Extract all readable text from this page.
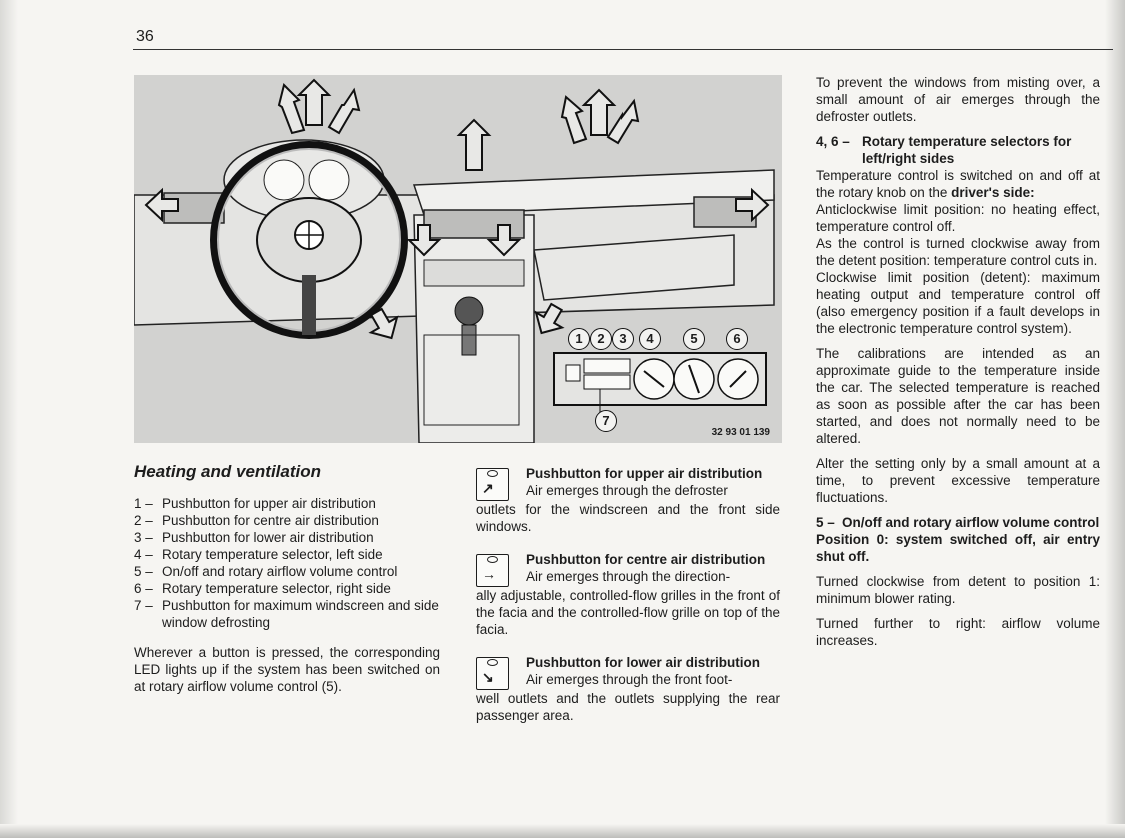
36
1	2	3	4	5	6
7
32 93 01 139
Heating and ventilation
1 – Pushbutton for upper air distribution
2 – Pushbutton for centre air distribution
3 – Pushbutton for lower air distribution
4 – Rotary temperature selector, left side
5 – On/off and rotary airflow volume control
6 – Rotary temperature selector, right side
7 – Pushbutton for maximum windscreen and side window defrosting

Wherever a button is pressed, the corresponding LED lights up if the system has been switched on at rotary airflow volume control (5).

↗
Pushbutton for upper air distribution
Air emerges through the defroster

outlets for the windscreen and the front side windows.

→
Pushbutton for centre air distribution
Air emerges through the direction-

ally adjustable, controlled-flow grilles in the front of the facia and the controlled-flow grille on top of the facia.

↘
Pushbutton for lower air distribution
Air emerges through the front foot-

well outlets and the outlets supplying the rear passenger area.

To prevent the windows from misting over, a small amount of air emerges through the defroster outlets.

4, 6 – Rotary temperature selectors for left/right sides

Temperature control is switched on and off at the rotary knob on the driver's side:

Anticlockwise limit position: no heating effect, temperature control off.

As the control is turned clockwise away from the detent position: temperature control cuts in.

Clockwise limit position (detent): maximum heating output and temperature control off (also emergency position if a fault develops in the electronic temperature control system).

The calibrations are intended as an approximate guide to the temperature inside the car. The selected temperature is reached as soon as possible after the car has been started, and does not normally need to be altered.

Alter the setting only by a small amount at a time, to prevent excessive temperature fluctuations.

5 – On/off and rotary airflow volume control

Position 0: system switched off, air entry shut off.

Turned clockwise from detent to position 1: minimum blower rating.

Turned further to right: airflow volume increases.
